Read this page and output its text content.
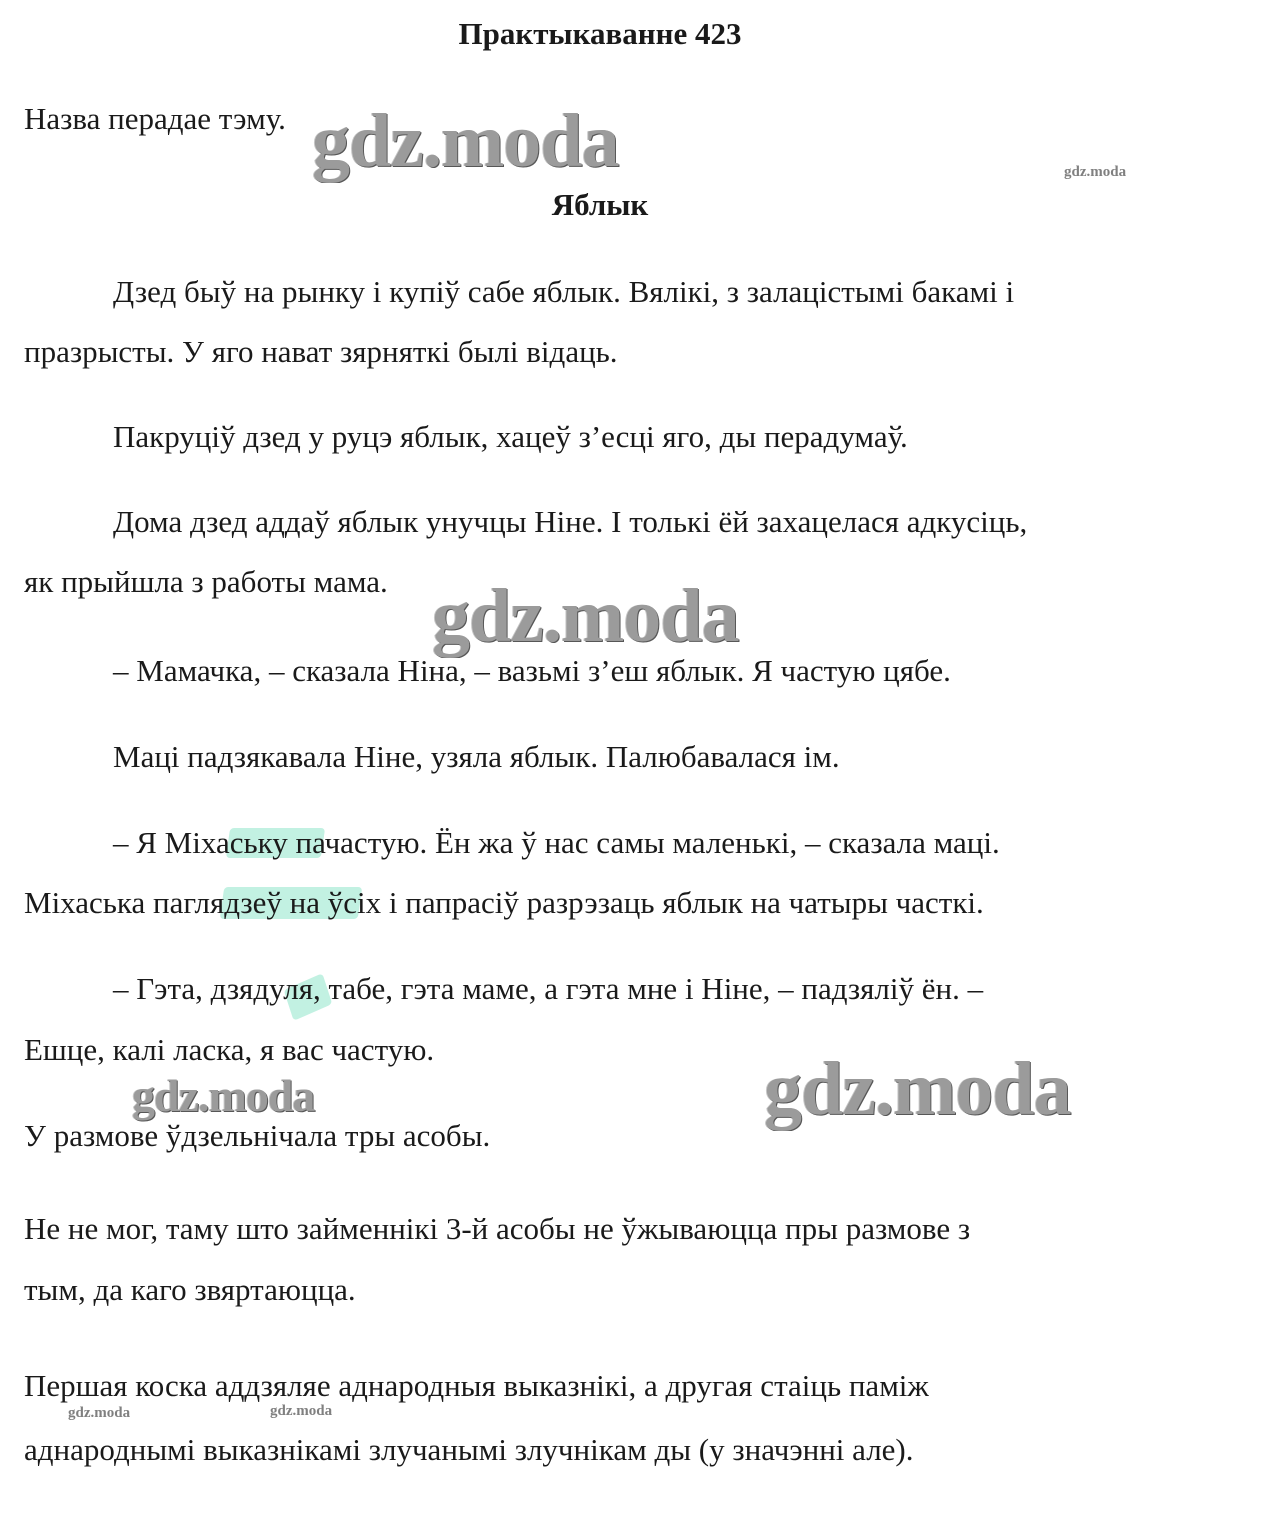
Практыкаванне 423

Назва перадае тэму.

Яблык

Дзед быў на рынку і купіў сабе яблык. Вялікі, з залацістымі бакамі і

празрысты. У яго нават зярняткі былі відаць.

Пакруціў дзед у руцэ яблык, хацеў з’есці яго, ды перадумаў.

Дома дзед аддаў яблык унучцы Ніне. І толькі ёй захацелася адкусіць,

як прыйшла з работы мама.

– Мамачка, – сказала Ніна, – вазьмі з’еш яблык. Я частую цябе.

Маці падзякавала Ніне, узяла яблык. Палюбавалася ім.

– Я Міхаську пачастую. Ён жа ў нас самы маленькі, – сказала маці.

Міхаська паглядзеў на ўсіх і папрасіў разрэзаць яблык на чатыры часткі.

– Гэта, дзядуля, табе, гэта маме, а гэта мне і Ніне, – падзяліў ён. –

Ешце, калі ласка, я вас частую.

У размове ўдзельнічала тры асобы.

Не не мог, таму што займеннікі 3-й асобы не ўжываюцца пры размове з

тым, да каго звяртаюцца.

Першая коска аддзяляе аднародныя выказнікі, а другая стаіць паміж

аднароднымі выказнікамі злучанымі злучнікам ды (у значэнні але).

gdz.moda	gdz.moda
gdz.moda
gdz.moda	gdz.moda
gdz.moda	gdz.moda
